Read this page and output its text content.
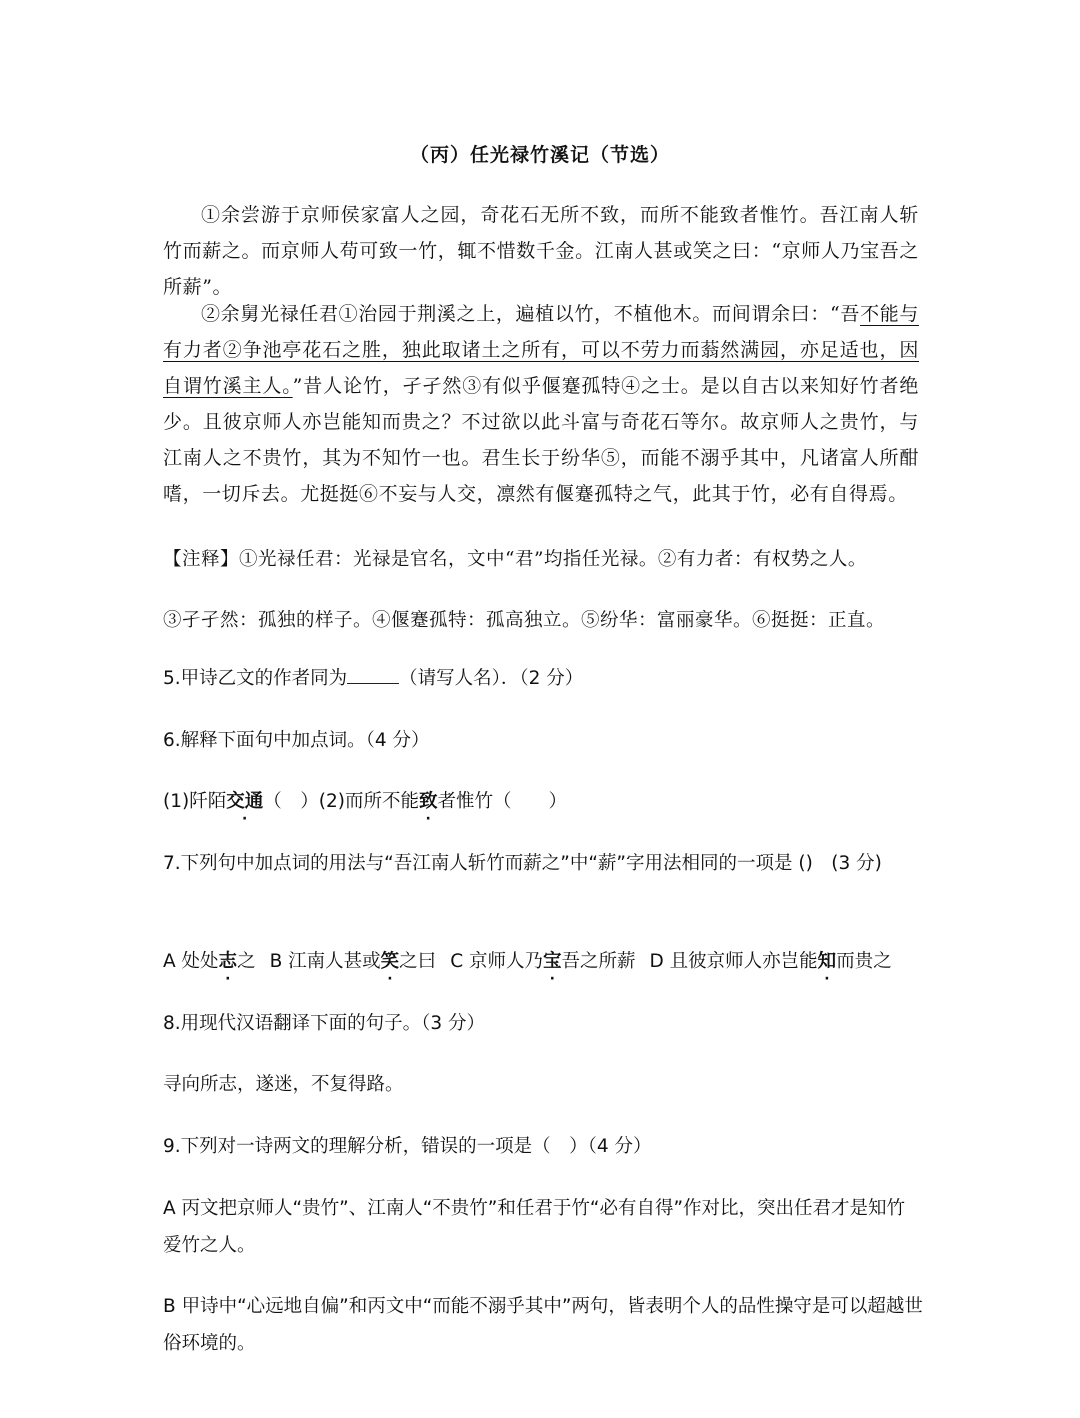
（丙）任光禄竹溪记（节选）

①余尝游于京师侯家富人之园，奇花石无所不致，而所不能致者惟竹。吾江南人斩竹而薪之。而京师人苟可致一竹，辄不惜数千金。江南人甚或笑之曰：“京师人乃宝吾之所薪”。

②余舅光禄任君①治园于荆溪之上，遍植以竹，不植他木。而间谓余曰：“吾不能与有力者②争池亭花石之胜，独此取诸土之所有，可以不劳力而蓊然满园，亦足适也，因自谓竹溪主人。”昔人论竹，孑孑然③有似乎偃蹇孤特④之士。是以自古以来知好竹者绝少。且彼京师人亦岂能知而贵之？不过欲以此斗富与奇花石等尔。故京师人之贵竹，与江南人之不贵竹，其为不知竹一也。君生长于纷华⑤，而能不溺乎其中，凡诸富人所酣嗜，一切斥去。尤挺挺⑥不妄与人交，凛然有偃蹇孤特之气，此其于竹，必有自得焉。

【注释】①光禄任君：光禄是官名，文中“君”均指任光禄。②有力者：有权势之人。
③孑孑然：孤独的样子。④偃蹇孤特：孤高独立。⑤纷华：富丽豪华。⑥挺挺：正直。
5.甲诗乙文的作者同为	（请写人名）．（2 分）
6.解释下面句中加点词。（4 分）
(1)阡陌交通（　）(2)而所不能致者惟竹（　　）
7.下列句中加点词的用法与“吾江南人斩竹而薪之”中“薪”字用法相同的一项是 ()　(3 分)
A 处处志之 B 江南人甚或笑之曰 C 京师人乃宝吾之所薪 D 且彼京师人亦岂能知而贵之
8.用现代汉语翻译下面的句子。（3 分）
寻向所志，遂迷，不复得路。
9.下列对一诗两文的理解分析，错误的一项是（　）（4 分）
A 丙文把京师人“贵竹”、江南人“不贵竹”和任君于竹“必有自得”作对比，突出任君才是知竹爱竹之人。
B 甲诗中“心远地自偏”和丙文中“而能不溺乎其中”两句，皆表明个人的品性操守是可以超越世俗环境的。
